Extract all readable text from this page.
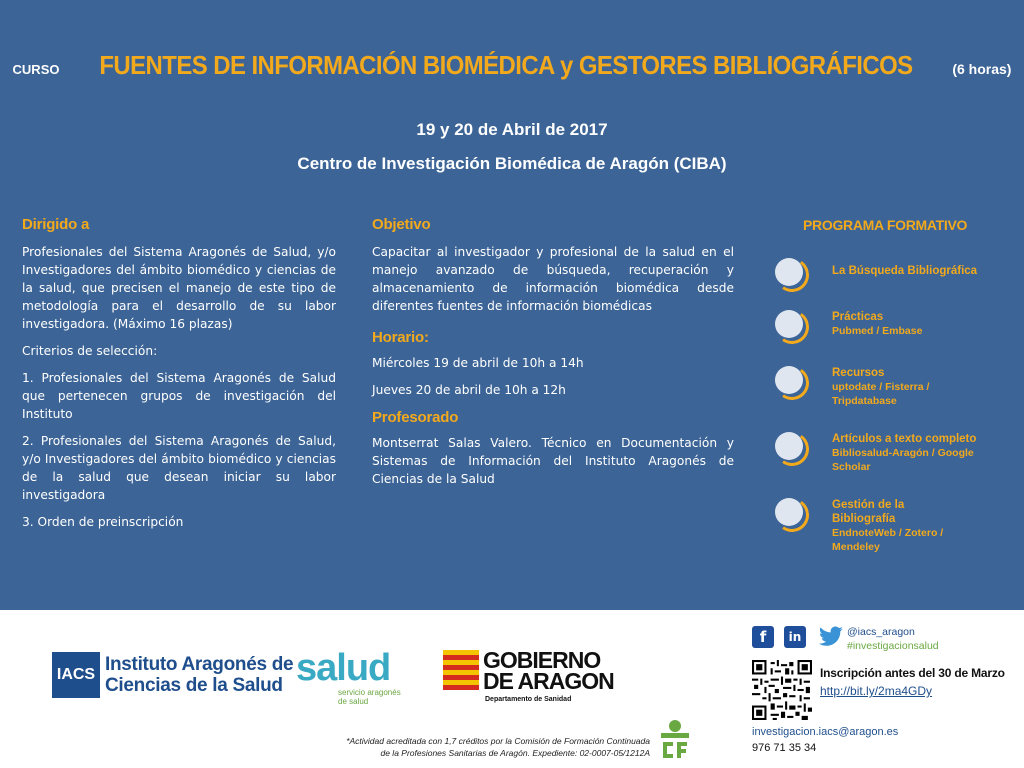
CURSO FUENTES DE INFORMACIÓN BIOMÉDICA y GESTORES BIBLIOGRÁFICOS	(6 horas)
19 y 20 de Abril de 2017
Centro de Investigación Biomédica de Aragón (CIBA)
Dirigido a

Profesionales del Sistema Aragonés de Salud, y/o Investigadores del ámbito biomédico y ciencias de la salud, que precisen el manejo de este tipo de metodología para el desarrollo de su labor investigadora. (Máximo 16 plazas)

Criterios de selección:

1. Profesionales del Sistema Aragonés de Salud que pertenecen grupos de investigación del Instituto

2. Profesionales del Sistema Aragonés de Salud, y/o Investigadores del ámbito biomédico y ciencias de la salud que desean iniciar su labor investigadora

3. Orden de preinscripción

Objetivo

Capacitar al investigador y profesional de la salud en el manejo avanzado de búsqueda, recuperación y almacenamiento de información biomédica desde diferentes fuentes de información biomédicas

Horario:

Miércoles 19 de abril de 10h a 14h

Jueves 20 de abril de 10h a 12h

Profesorado

Montserrat Salas Valero. Técnico en Documentación y Sistemas de Información del Instituto Aragonés de Ciencias de la Salud

PROGRAMA FORMATIVO
La Búsqueda Bibliográfica
Prácticas
Pubmed / Embase
Recursos
uptodate / Fisterra / Tripdatabase
Artículos a texto completo
Bibliosalud-Aragón / Google Scholar
Gestión de la Bibliografía
EndnoteWeb / Zotero / Mendeley
IACS Instituto Aragonés de
Ciencias de la Salud salud
servicio aragonés de salud
GOBIERNO
DE ARAGON
Departamento de Sanidad
f	in	@iacs_aragon
#investigacionsalud
Inscripción antes del 30 de Marzo
http://bit.ly/2ma4GDy
investigacion.iacs@aragon.es
976 71 35 34
*Actividad acreditada con 1,7 créditos por la Comisión de Formación Continuada
de la Profesiones Sanitarias de Aragón. Expediente: 02-0007-05/1212A
